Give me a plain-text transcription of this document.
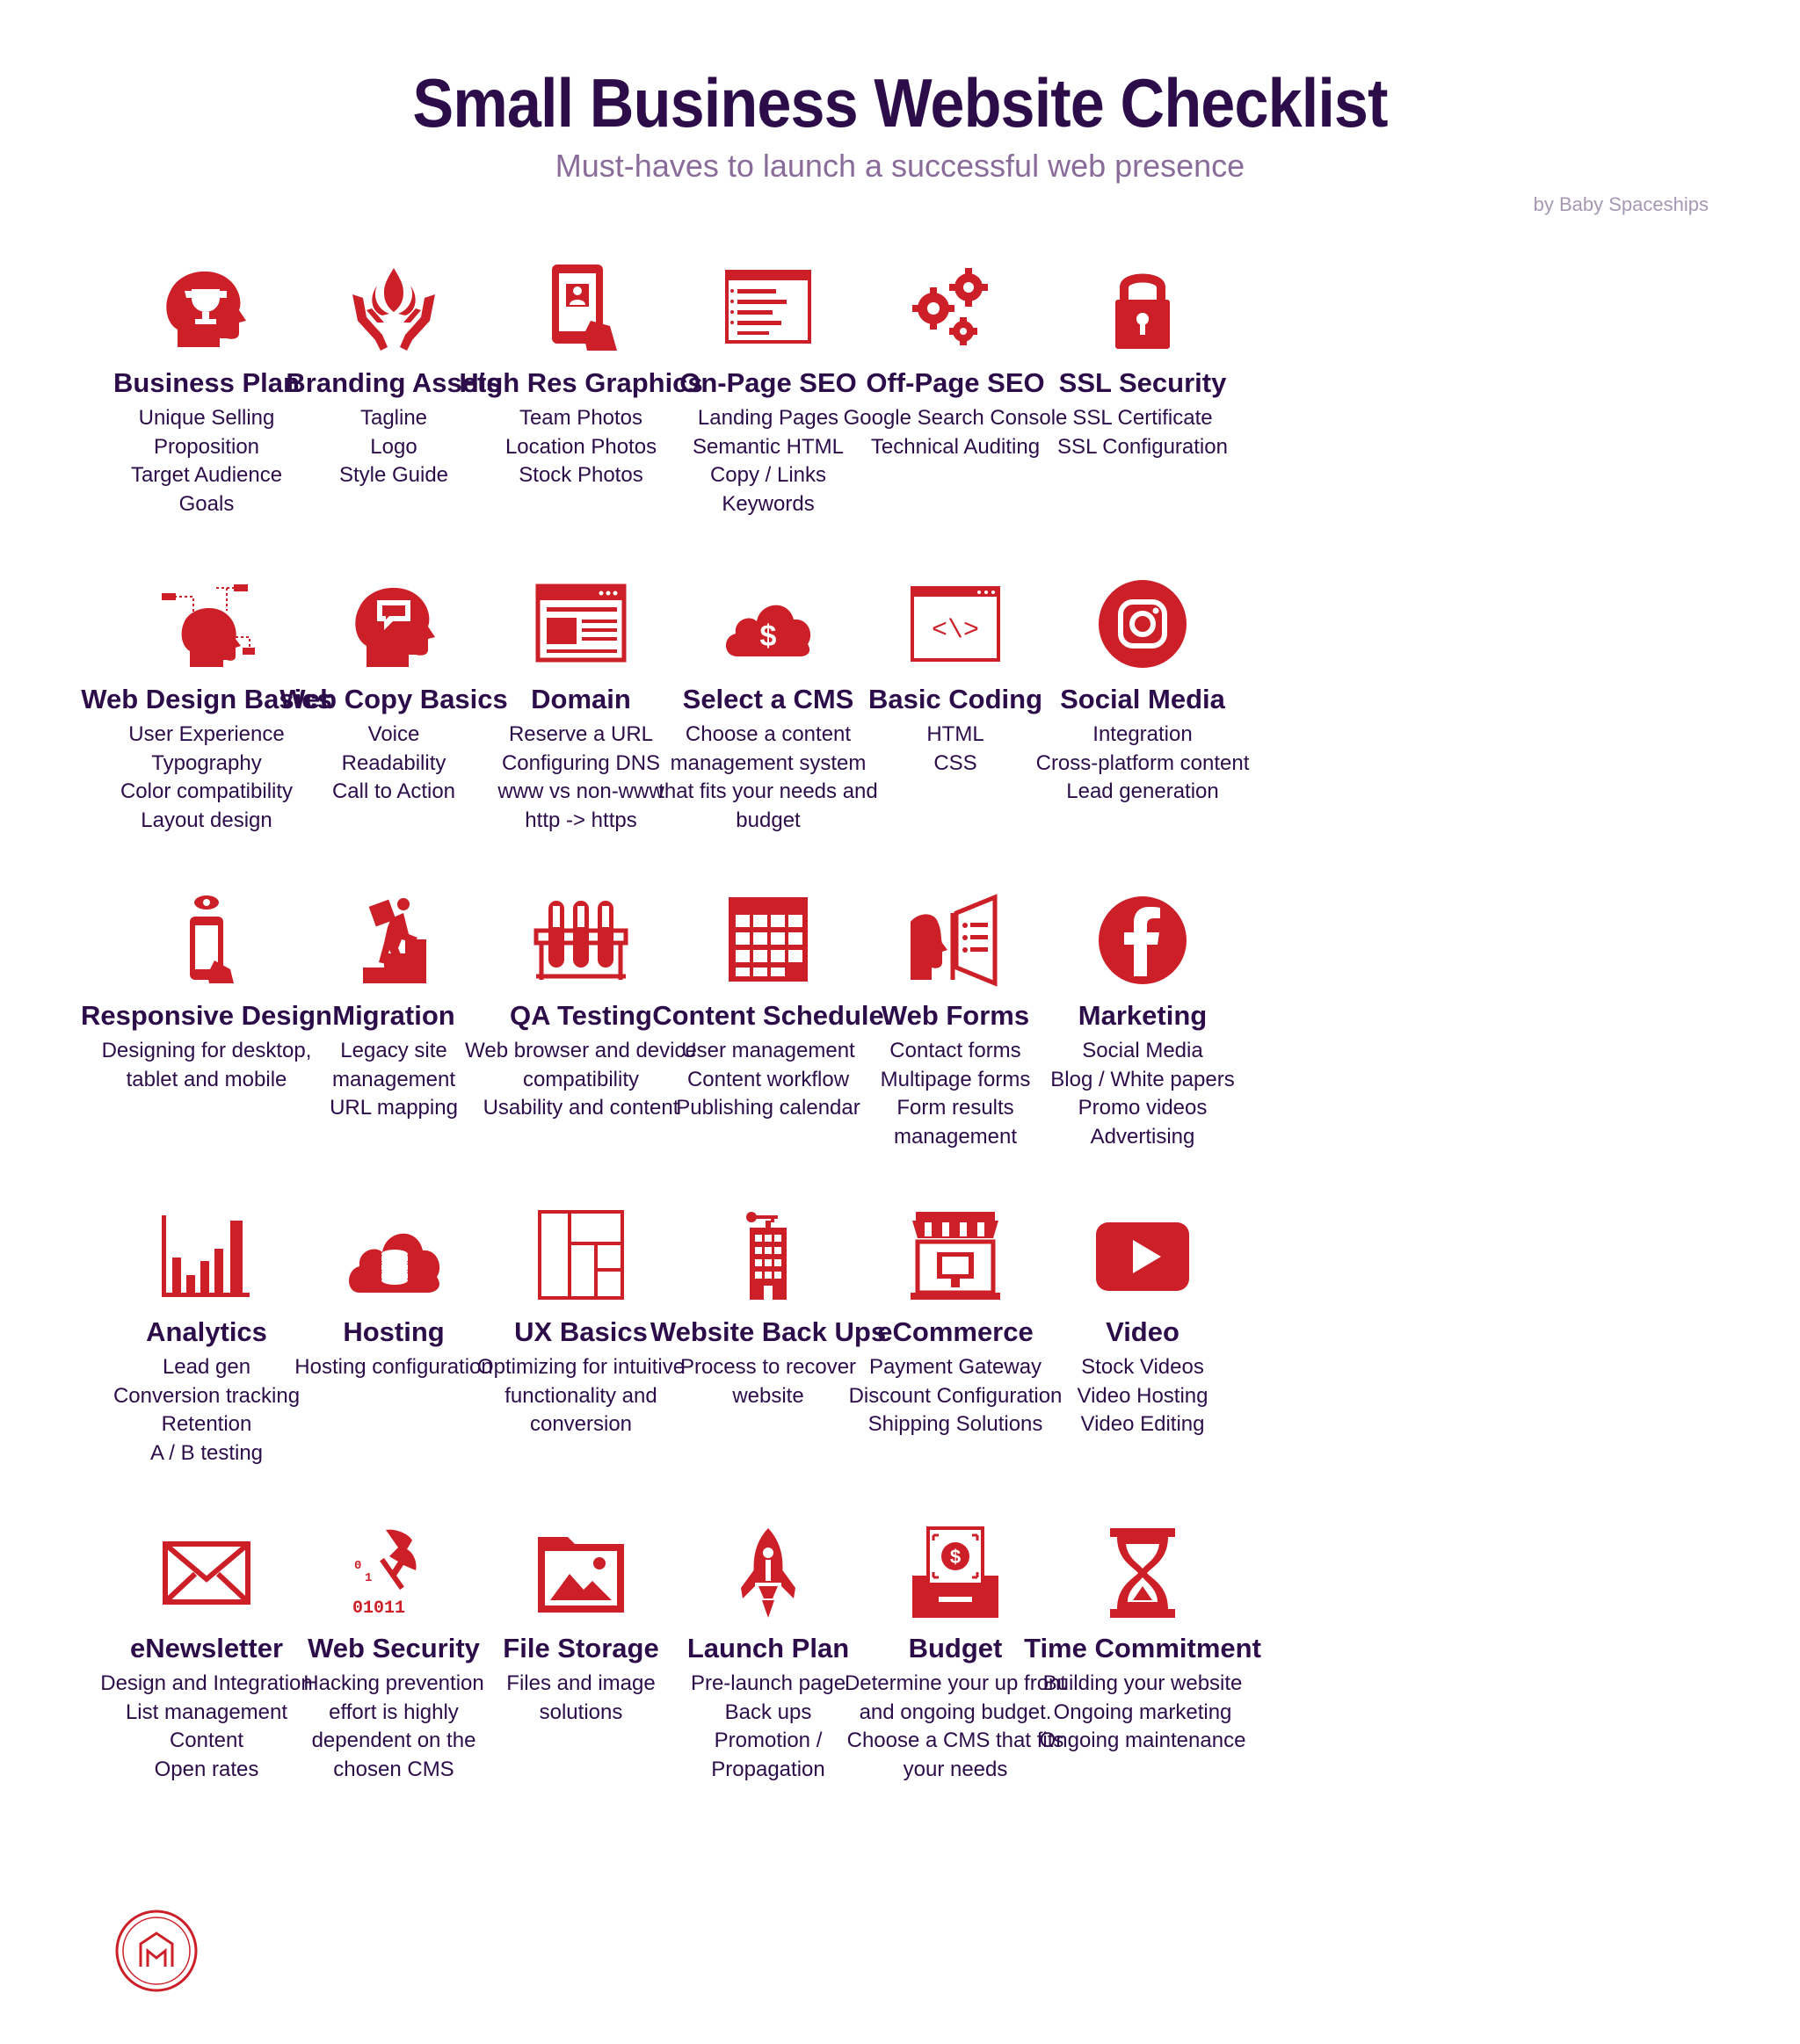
Small Business Website Checklist
Must-haves to launch a successful web presence
by Baby Spaceships
Business Plan
Unique Selling
Proposition
Target Audience
Goals
Branding Assets
Tagline
Logo
Style Guide
High Res Graphics
Team Photos
Location Photos
Stock Photos
On-Page SEO
Landing Pages
Semantic HTML
Copy / Links
Keywords
Off-Page SEO
Google Search Console
Technical Auditing
SSL Security
SSL Certificate
SSL Configuration
Web Design Basics
User Experience
Typography
Color compatibility
Layout design
Web Copy Basics
Voice
Readability
Call to Action
Domain
Reserve a URL
Configuring DNS
www vs non-www
http -> https
$
Select a CMS
Choose a content
management system
that fits your needs and
budget
<\>
Basic Coding
HTML
CSS
Social Media
Integration
Cross-platform content
Lead generation
Responsive Design
Designing for desktop,
tablet and mobile
Migration
Legacy site
management
URL mapping
QA Testing
Web browser and device
compatibility
Usability and content
Content Schedule
User management
Content workflow
Publishing calendar
Web Forms
Contact forms
Multipage forms
Form results
management
Marketing
Social Media
Blog / White papers
Promo videos
Advertising
Analytics
Lead gen
Conversion tracking
Retention
A / B testing
Hosting
Hosting configuration
UX Basics
Optimizing for intuitive
functionality and
conversion
Website Back Ups
Process to recover
website
eCommerce
Payment Gateway
Discount Configuration
Shipping Solutions
Video
Stock Videos
Video Hosting
Video Editing
eNewsletter
Design and Integration
List management
Content
Open rates
0
1
01011
Web Security
Hacking prevention
effort is highly
dependent on the
chosen CMS
File Storage
Files and image
solutions
Launch Plan
Pre-launch page
Back ups
Promotion /
Propagation
$
Budget
Determine your up front
and ongoing budget.
Choose a CMS that fits
your needs
Time Commitment
Building your website
Ongoing marketing
Ongoing maintenance
